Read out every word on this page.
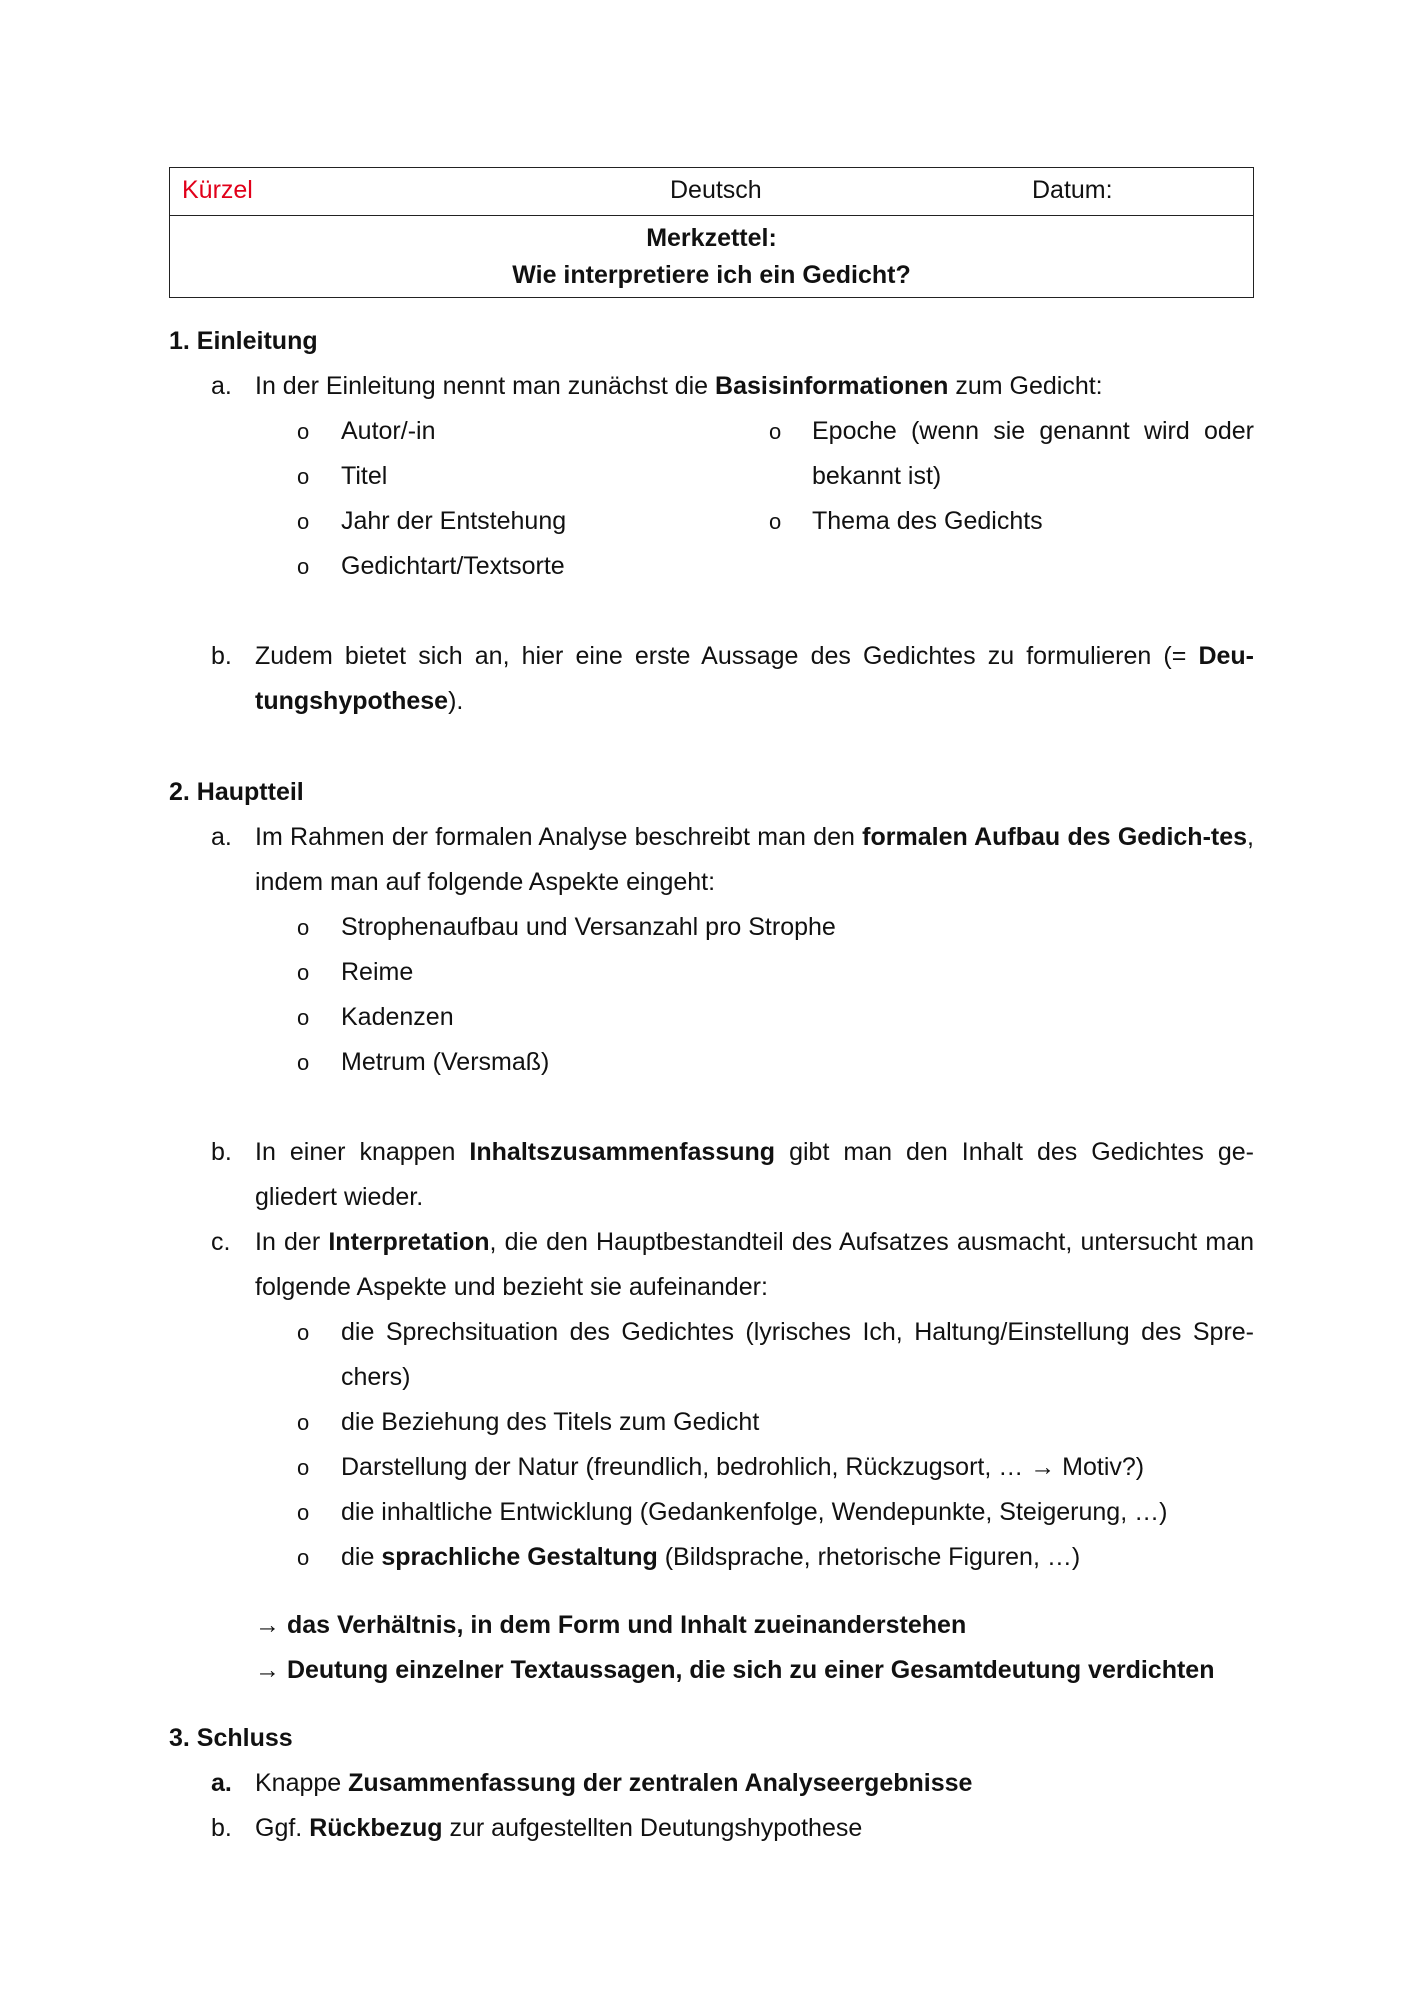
Kürzel	Deutsch	Datum:
Merkzettel:
Wie interpretiere ich ein Gedicht?
1. Einleitung
a. In der Einleitung nennt man zunächst die Basisinformationen zum Gedicht:
o Autor/-in
o Titel
o Jahr der Entstehung
o Gedichtart/Textsorte
o Epoche (wenn sie genannt wird oder bekannt ist)
o Thema des Gedichts
b. Zudem bietet sich an, hier eine erste Aussage des Gedichtes zu formulieren (= Deu-tungshypothese).
2. Hauptteil
a. Im Rahmen der formalen Analyse beschreibt man den formalen Aufbau des Gedich-tes, indem man auf folgende Aspekte eingeht:
o Strophenaufbau und Versanzahl pro Strophe
o Reime
o Kadenzen
o Metrum (Versmaß)
b. In einer knappen Inhaltszusammenfassung gibt man den Inhalt des Gedichtes ge-gliedert wieder.
c. In der Interpretation, die den Hauptbestandteil des Aufsatzes ausmacht, untersucht man folgende Aspekte und bezieht sie aufeinander:
o die Sprechsituation des Gedichtes (lyrisches Ich, Haltung/Einstellung des Spre-chers)
o die Beziehung des Titels zum Gedicht
o Darstellung der Natur (freundlich, bedrohlich, Rückzugsort, … → Motiv?)
o die inhaltliche Entwicklung (Gedankenfolge, Wendepunkte, Steigerung, …)
o die sprachliche Gestaltung (Bildsprache, rhetorische Figuren, …)
→ das Verhältnis, in dem Form und Inhalt zueinanderstehen
→ Deutung einzelner Textaussagen, die sich zu einer Gesamtdeutung verdichten
3. Schluss
a. Knappe Zusammenfassung der zentralen Analyseergebnisse
b. Ggf. Rückbezug zur aufgestellten Deutungshypothese
